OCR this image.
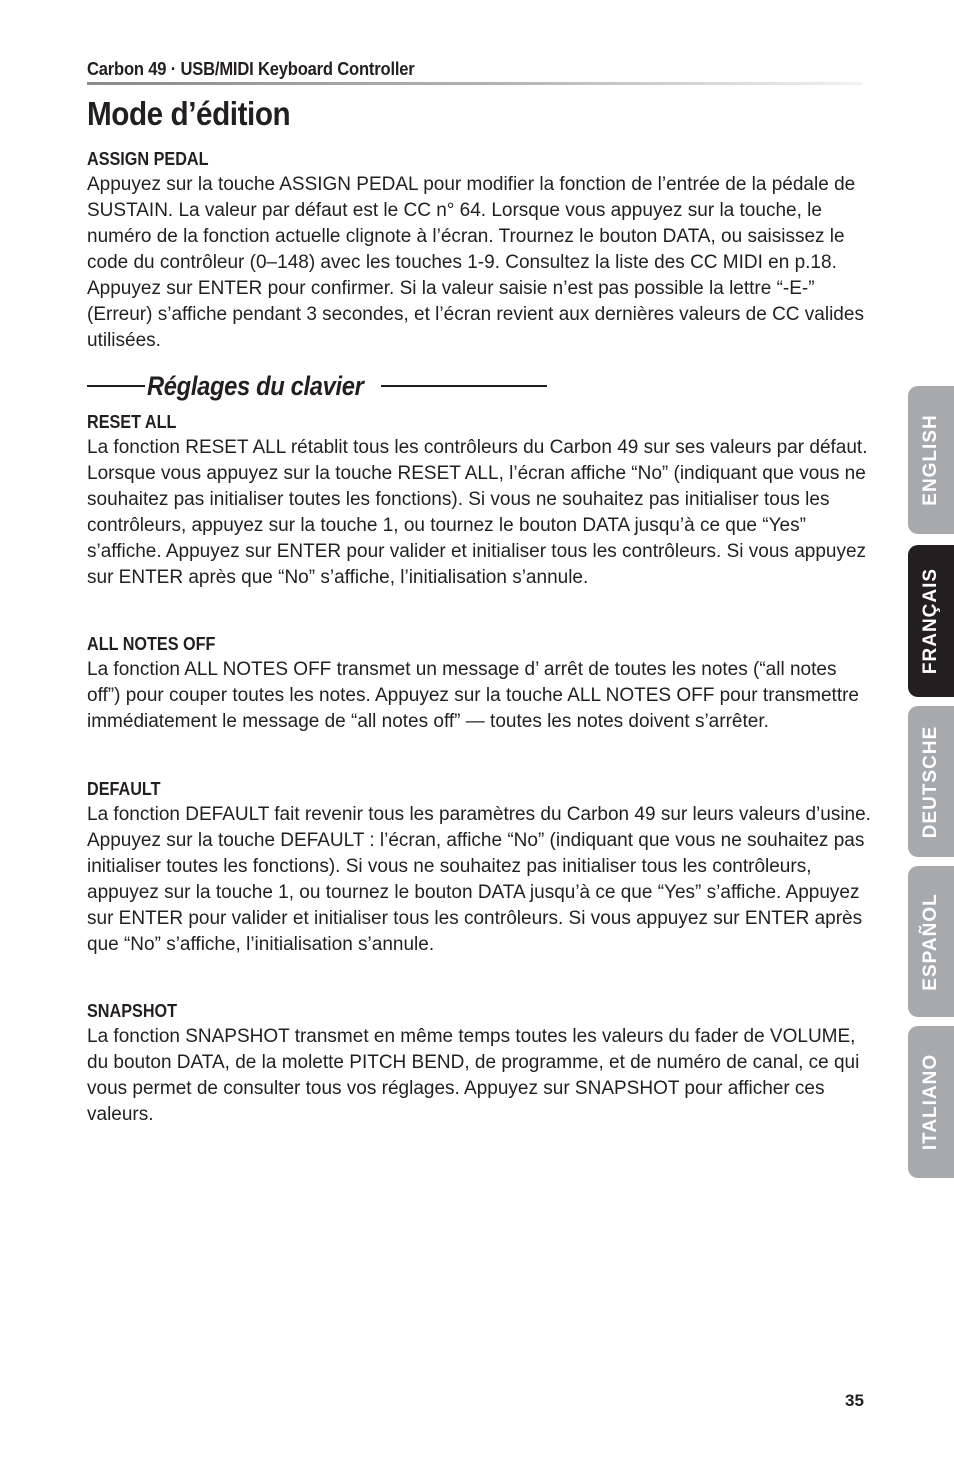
Carbon 49 · USB/MIDI Keyboard Controller
Mode d’édition
ASSIGN PEDAL

Appuyez sur la touche ASSIGN PEDAL pour modifier la fonction de l’entrée de la pédale de SUSTAIN. La valeur par défaut est le CC n° 64. Lorsque vous appuyez sur la touche, le numéro de la fonction actuelle clignote à l’écran. Trournez le bouton DATA, ou saisissez le code du contrôleur (0–148) avec les touches 1-9. Consultez la liste des CC MIDI en p.18. Appuyez sur ENTER pour confirmer. Si la valeur saisie n’est pas possible la lettre “-E-” (Erreur) s’affiche pendant 3 secondes, et l’écran revient aux dernières valeurs de CC valides utilisées.

Réglages du clavier
RESET ALL

La fonction RESET ALL rétablit tous les contrôleurs du Carbon 49 sur ses valeurs par défaut. Lorsque vous appuyez sur la touche RESET ALL, l’écran affiche “No” (indiquant que vous ne souhaitez pas initialiser toutes les fonctions). Si vous ne souhaitez pas initialiser tous les contrôleurs, appuyez sur la touche 1, ou tournez le bouton DATA jusqu’à ce que “Yes” s’affiche. Appuyez sur ENTER pour valider et initialiser tous les contrôleurs. Si vous appuyez sur ENTER après que “No” s’affiche, l’initialisation s’annule.

ALL NOTES OFF

La fonction ALL NOTES OFF transmet un message d’ arrêt de toutes les notes (“all notes off”) pour couper toutes les notes. Appuyez sur la touche ALL NOTES OFF pour transmettre immédiatement le message de “all notes off” — toutes les notes doivent s’arrêter.

DEFAULT

La fonction DEFAULT fait revenir tous les paramètres du Carbon 49 sur leurs valeurs d’usine. Appuyez sur la touche DEFAULT : l’écran, affiche “No” (indiquant que vous ne souhaitez pas initialiser toutes les fonctions). Si vous ne souhaitez pas initialiser tous les contrôleurs, appuyez sur la touche 1, ou tournez le bouton DATA jusqu’à ce que “Yes” s’affiche. Appuyez sur ENTER pour valider et initialiser tous les contrôleurs. Si vous appuyez sur ENTER après que “No” s’affiche, l’initialisation s’annule.

SNAPSHOT

La fonction SNAPSHOT transmet en même temps toutes les valeurs du fader de VOLUME, du bouton DATA, de la molette PITCH BEND, de programme, et de numéro de canal, ce qui vous permet de consulter tous vos réglages. Appuyez sur SNAPSHOT pour afficher ces valeurs.

ENGLISH
FRANÇAIS
DEUTSCHE
ESPAÑOL
ITALIANO
35
